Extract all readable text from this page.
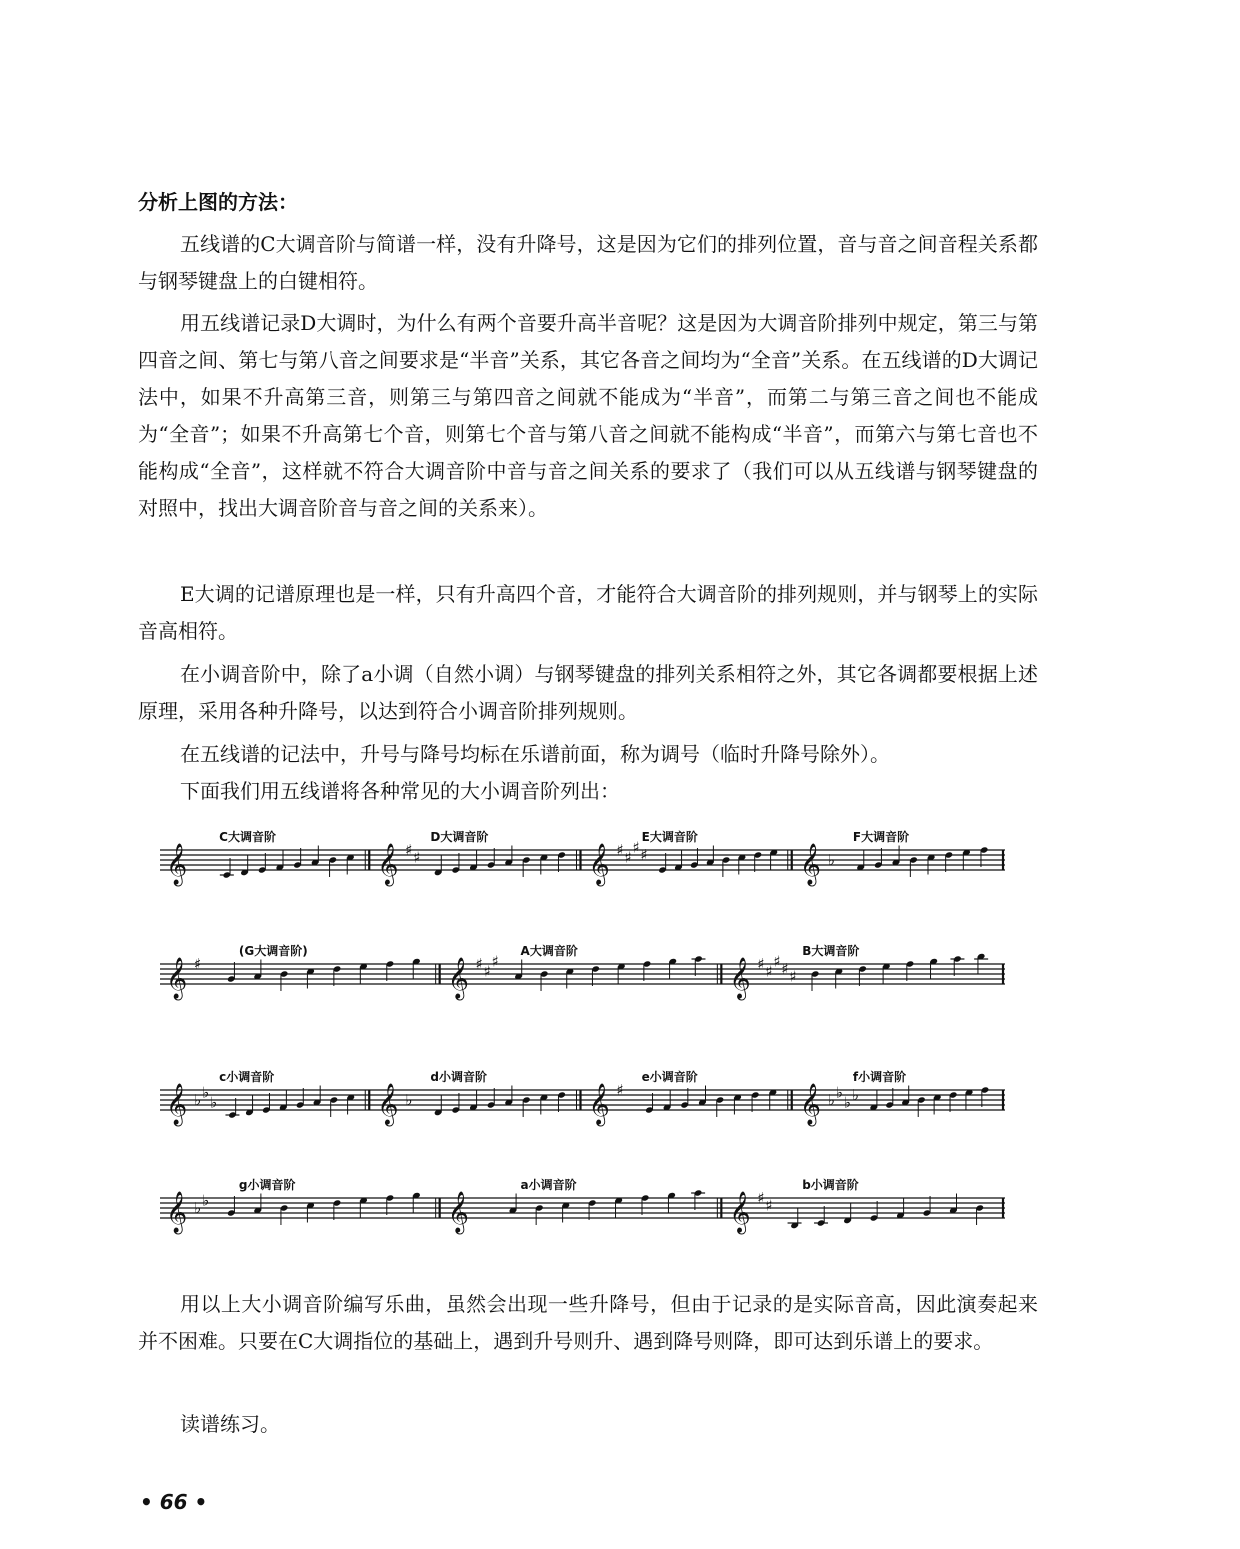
分析上图的方法：

五线谱的C大调音阶与简谱一样，没有升降号，这是因为它们的排列位置，音与音之间音程关系都与钢琴键盘上的白键相符。

用五线谱记录D大调时，为什么有两个音要升高半音呢？这是因为大调音阶排列中规定，第三与第四音之间、第七与第八音之间要求是“半音”关系，其它各音之间均为“全音”关系。在五线谱的D大调记法中，如果不升高第三音，则第三与第四音之间就不能成为“半音”，而第二与第三音之间也不能成为“全音”；如果不升高第七个音，则第七个音与第八音之间就不能构成“半音”，而第六与第七音也不能构成“全音”，这样就不符合大调音阶中音与音之间关系的要求了（我们可以从五线谱与钢琴键盘的对照中，找出大调音阶音与音之间的关系来）。

E大调的记谱原理也是一样，只有升高四个音，才能符合大调音阶的排列规则，并与钢琴上的实际音高相符。

在小调音阶中，除了a小调（自然小调）与钢琴键盘的排列关系相符之外，其它各调都要根据上述原理，采用各种升降号，以达到符合小调音阶排列规则。

在五线谱的记法中，升号与降号均标在乐谱前面，称为调号（临时升降号除外）。

下面我们用五线谱将各种常见的大小调音阶列出：

𝄞	𝄞 ♯ ♯	𝄞 ♯ ♯
♯ ♯	𝄞 ♭
C大调音阶	D大调音阶	E大调音阶	F大调音阶
𝄞 ♯	𝄞 ♯ ♯
♯	𝄞 ♯ ♯
♯ ♯ ♯
(G大调音阶)	A大调音阶	B大调音阶
𝄞 ♭ ♭
♭	𝄞 ♭	𝄞 ♯	𝄞 ♭ ♭
♭ ♭
c小调音阶	d小调音阶	e小调音阶	f小调音阶
𝄞 ♭ ♭	𝄞	𝄞 ♯ ♯
g小调音阶	a小调音阶	b小调音阶

用以上大小调音阶编写乐曲，虽然会出现一些升降号，但由于记录的是实际音高，因此演奏起来并不困难。只要在C大调指位的基础上，遇到升号则升、遇到降号则降，即可达到乐谱上的要求。

读谱练习。

• 66 •
